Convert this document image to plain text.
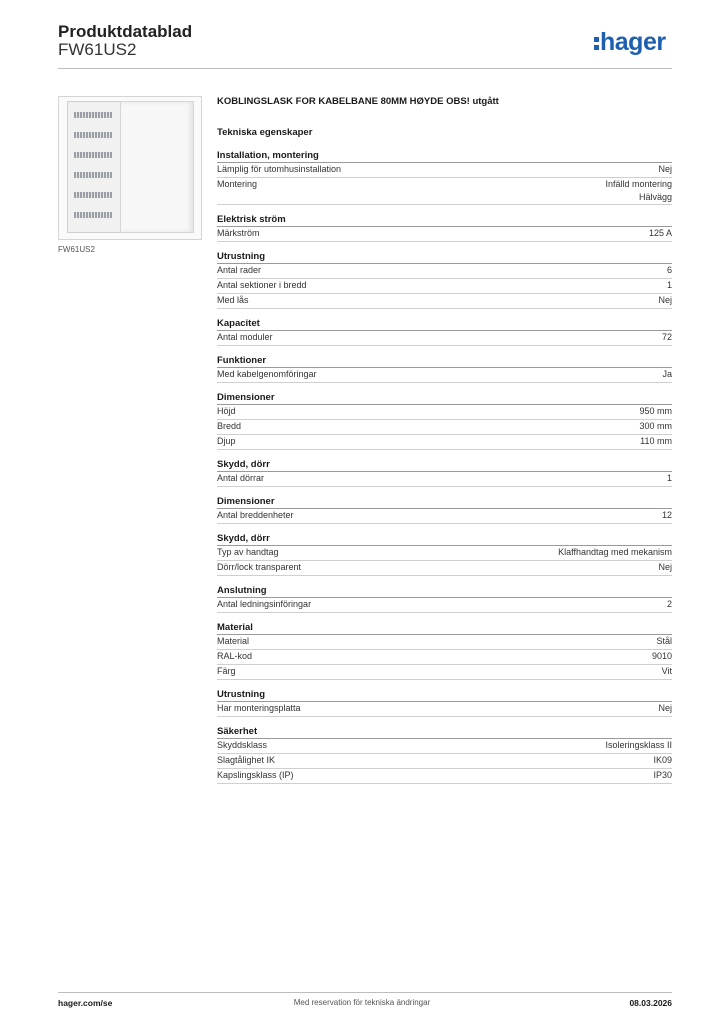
Produktdatablad
FW61US2	hager
FW61US2
KOBLINGSLASK FOR KABELBANE 80MM HØYDE OBS! utgått
Tekniska egenskaper
Installation, montering
Lämplig för utomhusinstallation	Nej
Montering	Infälld montering
Hälvägg
Elektrisk ström
Märkström	125 A
Utrustning
Antal rader	6
Antal sektioner i bredd	1
Med lås	Nej
Kapacitet
Antal moduler	72
Funktioner
Med kabelgenomföringar	Ja
Dimensioner
Höjd	950 mm
Bredd	300 mm
Djup	110 mm
Skydd, dörr
Antal dörrar	1
Dimensioner
Antal breddenheter	12
Skydd, dörr
Typ av handtag	Klaffhandtag med mekanism
Dörr/lock transparent	Nej
Anslutning
Antal ledningsinföringar	2
Material
Material	Stål
RAL-kod	9010
Färg	Vit
Utrustning
Har monteringsplatta	Nej
Säkerhet
Skyddsklass	Isoleringsklass II
Slagtålighet IK	IK09
Kapslingsklass (IP)	IP30
hager.com/se	Med reservation för tekniska ändringar	08.03.2026
